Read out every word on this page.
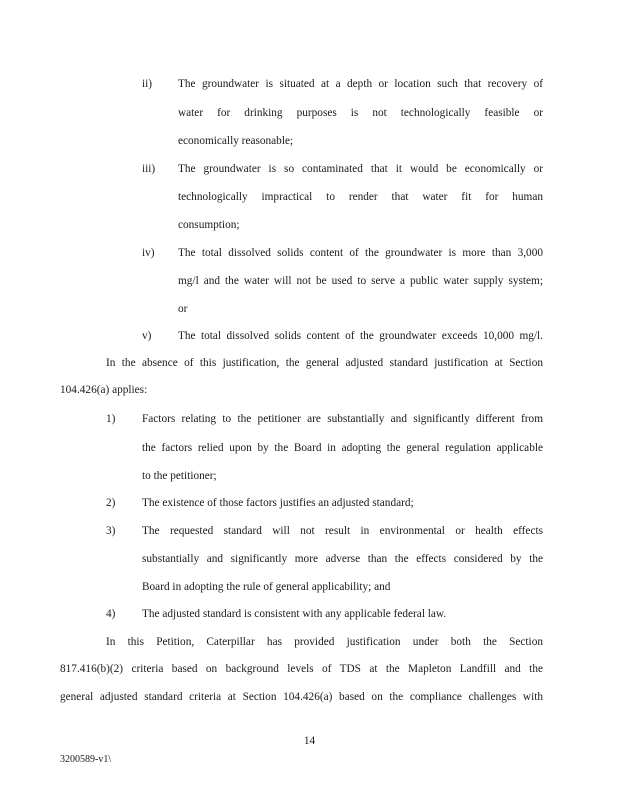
ii) The groundwater is situated at a depth or location such that recovery of
water for drinking purposes is not technologically feasible or
economically reasonable;
iii) The groundwater is so contaminated that it would be economically or
technologically impractical to render that water fit for human
consumption;
iv) The total dissolved solids content of the groundwater is more than 3,000
mg/l and the water will not be used to serve a public water supply system;
or
v) The total dissolved solids content of the groundwater exceeds 10,000 mg/l.
In the absence of this justification, the general adjusted standard justification at Section
104.426(a) applies:
1) Factors relating to the petitioner are substantially and significantly different from
the factors relied upon by the Board in adopting the general regulation applicable
to the petitioner;
2) The existence of those factors justifies an adjusted standard;
3) The requested standard will not result in environmental or health effects
substantially and significantly more adverse than the effects considered by the
Board in adopting the rule of general applicability; and
4) The adjusted standard is consistent with any applicable federal law.
In this Petition, Caterpillar has provided justification under both the Section
817.416(b)(2) criteria based on background levels of TDS at the Mapleton Landfill and the
general adjusted standard criteria at Section 104.426(a) based on the compliance challenges with
14
3200589-v1\
